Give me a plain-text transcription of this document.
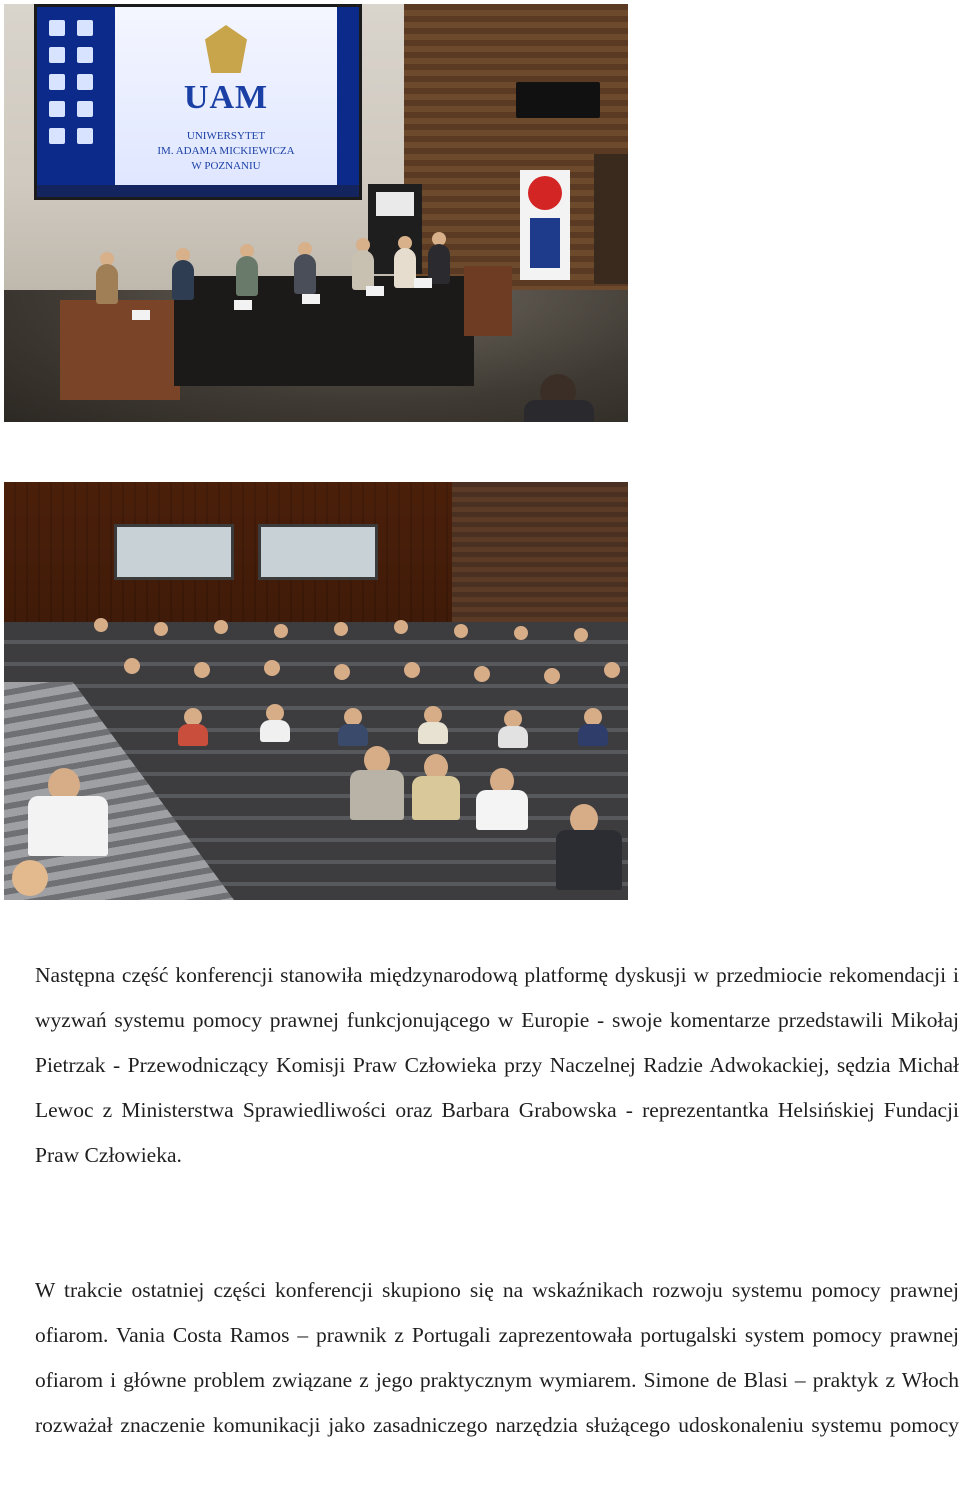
UAM
UNIWERSYTET
IM. ADAMA MICKIEWICZA
W POZNANIU

Następna część konferencji stanowiła międzynarodową platformę dyskusji w przedmiocie rekomendacji i wyzwań systemu pomocy prawnej funkcjonującego w Europie - swoje komentarze przedstawili Mikołaj Pietrzak - Przewodniczący Komisji Praw Człowieka przy Naczelnej Radzie Adwokackiej, sędzia Michał Lewoc z Ministerstwa Sprawiedliwości oraz Barbara Grabowska - reprezentantka Helsińskiej Fundacji Praw Człowieka.

W trakcie ostatniej części konferencji skupiono się na wskaźnikach rozwoju systemu pomocy prawnej ofiarom. Vania Costa Ramos – prawnik z Portugali zaprezentowała portugalski system pomocy prawnej ofiarom i główne problem związane z jego praktycznym wymiarem. Simone de Blasi – praktyk z Włoch rozważał znaczenie komunikacji jako zasadniczego narzędzia służącego udoskonaleniu systemu pomocy
